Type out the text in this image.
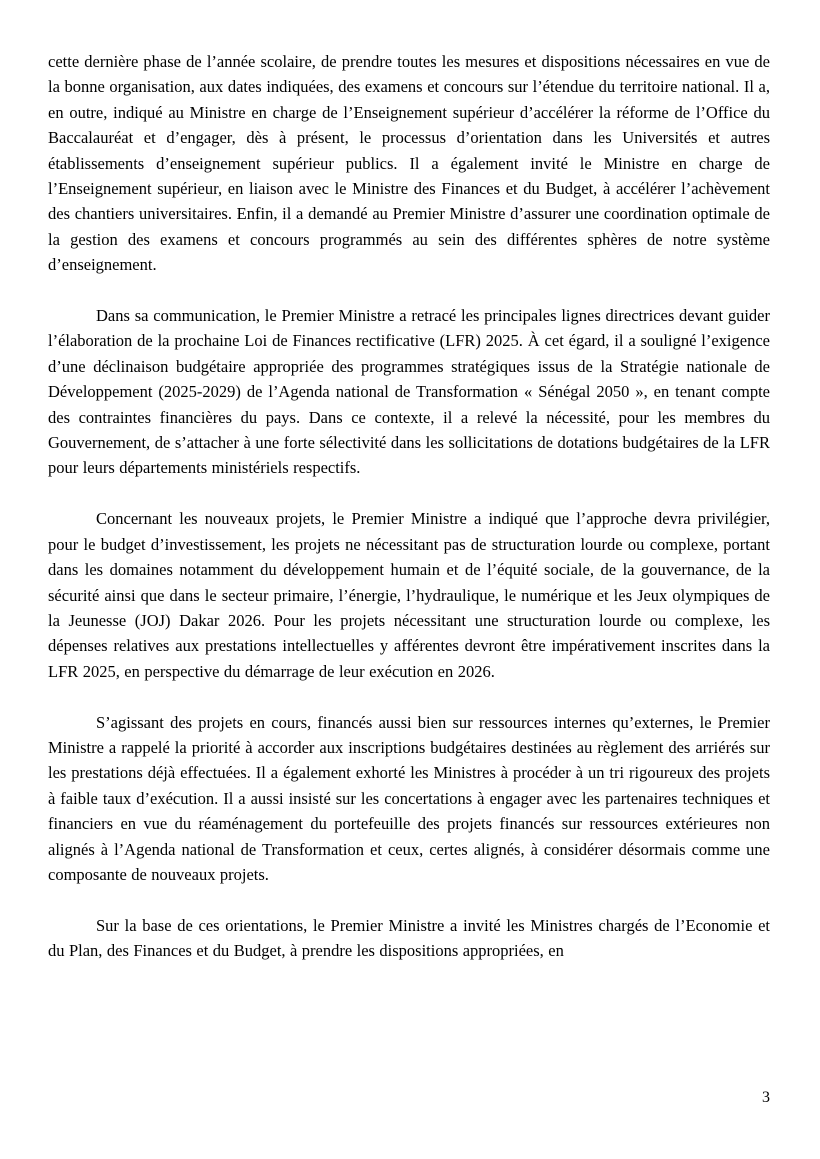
cette dernière phase de l’année scolaire, de prendre toutes les mesures et dispositions nécessaires en vue de la bonne organisation, aux dates indiquées, des examens et concours sur l’étendue du territoire national. Il a, en outre, indiqué au Ministre en charge de l’Enseignement supérieur d’accélérer la réforme de l’Office du Baccalauréat et d’engager, dès à présent, le processus d’orientation dans les Universités et autres établissements d’enseignement supérieur publics. Il a également invité le Ministre en charge de l’Enseignement supérieur, en liaison avec le Ministre des Finances et du Budget, à accélérer l’achèvement des chantiers universitaires. Enfin, il a demandé au Premier Ministre d’assurer une coordination optimale de la gestion des examens et concours programmés au sein des différentes sphères de notre système d’enseignement.

Dans sa communication, le Premier Ministre a retracé les principales lignes directrices devant guider l’élaboration de la prochaine Loi de Finances rectificative (LFR) 2025. À cet égard, il a souligné l’exigence d’une déclinaison budgétaire appropriée des programmes stratégiques issus de la Stratégie nationale de Développement (2025-2029) de l’Agenda national de Transformation « Sénégal 2050 », en tenant compte des contraintes financières du pays. Dans ce contexte, il a relevé la nécessité, pour les membres du Gouvernement, de s’attacher à une forte sélectivité dans les sollicitations de dotations budgétaires de la LFR pour leurs départements ministériels respectifs.

Concernant les nouveaux projets, le Premier Ministre a indiqué que l’approche devra privilégier, pour le budget d’investissement, les projets ne nécessitant pas de structuration lourde ou complexe, portant dans les domaines notamment du développement humain et de l’équité sociale, de la gouvernance, de la sécurité ainsi que dans le secteur primaire, l’énergie, l’hydraulique, le numérique et les Jeux olympiques de la Jeunesse (JOJ) Dakar 2026. Pour les projets nécessitant une structuration lourde ou complexe, les dépenses relatives aux prestations intellectuelles y afférentes devront être impérativement inscrites dans la LFR 2025, en perspective du démarrage de leur exécution en 2026.

S’agissant des projets en cours, financés aussi bien sur ressources internes qu’externes, le Premier Ministre a rappelé la priorité à accorder aux inscriptions budgétaires destinées au règlement des arriérés sur les prestations déjà effectuées. Il a également exhorté les Ministres à procéder à un tri rigoureux des projets à faible taux d’exécution. Il a aussi insisté sur les concertations à engager avec les partenaires techniques et financiers en vue du réaménagement du portefeuille des projets financés sur ressources extérieures non alignés à l’Agenda national de Transformation et ceux, certes alignés, à considérer désormais comme une composante de nouveaux projets.

Sur la base de ces orientations, le Premier Ministre a invité les Ministres chargés de l’Economie et du Plan, des Finances et du Budget, à prendre les dispositions appropriées, en

3
